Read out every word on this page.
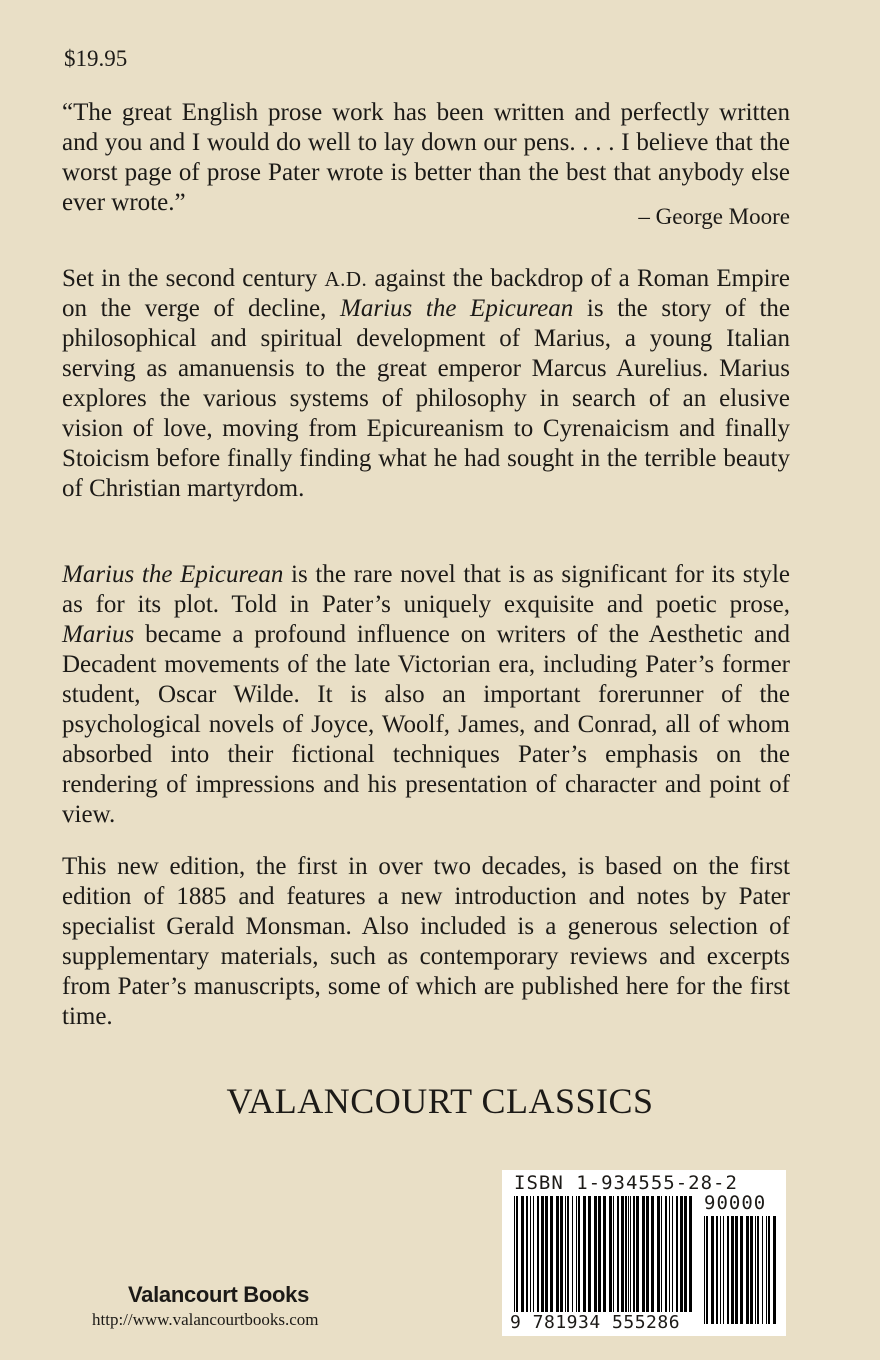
$19.95
“The great English prose work has been written and perfectly written and you and I would do well to lay down our pens. . . . I believe that the worst page of prose Pater wrote is better than the best that anybody else ever wrote.”
– George Moore
Set in the second century A.D. against the backdrop of a Roman Empire on the verge of decline, Marius the Epicurean is the story of the philosophical and spiritual development of Marius, a young Italian serving as amanuensis to the great emperor Marcus Aurelius. Marius explores the various systems of philosophy in search of an elusive vision of love, moving from Epicureanism to Cyrenaicism and finally Stoicism before finally finding what he had sought in the terrible beauty of Christian martyrdom.
Marius the Epicurean is the rare novel that is as significant for its style as for its plot. Told in Pater’s uniquely exquisite and poetic prose, Marius became a profound influence on writers of the Aesthetic and Decadent movements of the late Victorian era, including Pater’s former student, Oscar Wilde. It is also an important forerunner of the psychological novels of Joyce, Woolf, James, and Conrad, all of whom absorbed into their fictional techniques Pater’s emphasis on the rendering of impressions and his presentation of character and point of view.
This new edition, the first in over two decades, is based on the first edition of 1885 and features a new introduction and notes by Pater specialist Gerald Monsman. Also included is a generous selection of supplementary materials, such as contemporary reviews and excerpts from Pater’s manuscripts, some of which are published here for the first time.
VALANCOURT CLASSICS
Valancourt Books
http://www.valancourtbooks.com
ISBN 1-934555-28-2
90000
9 781934 555286
